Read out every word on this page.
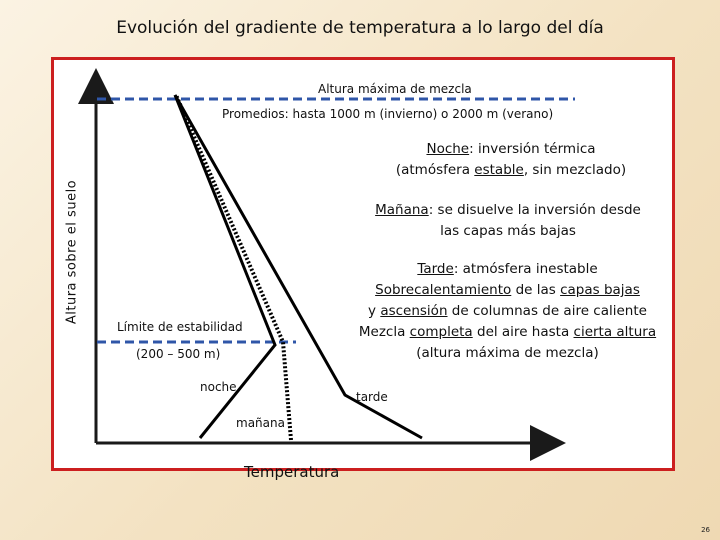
Evolución del gradiente de temperatura a lo largo del día
Altura sobre el suelo
Temperatura
Altura máxima de mezcla
Promedios: hasta 1000 m (invierno) o 2000 m (verano)
Límite de estabilidad
(200 – 500 m)
noche
mañana
tarde
Noche: inversión térmica
(atmósfera estable, sin mezclado)
Mañana: se disuelve la inversión desde
las capas más bajas
Tarde: atmósfera inestable
Sobrecalentamiento de las capas bajas
y ascensión de columnas de aire caliente
Mezcla completa del aire hasta cierta altura
(altura máxima de mezcla)
26
